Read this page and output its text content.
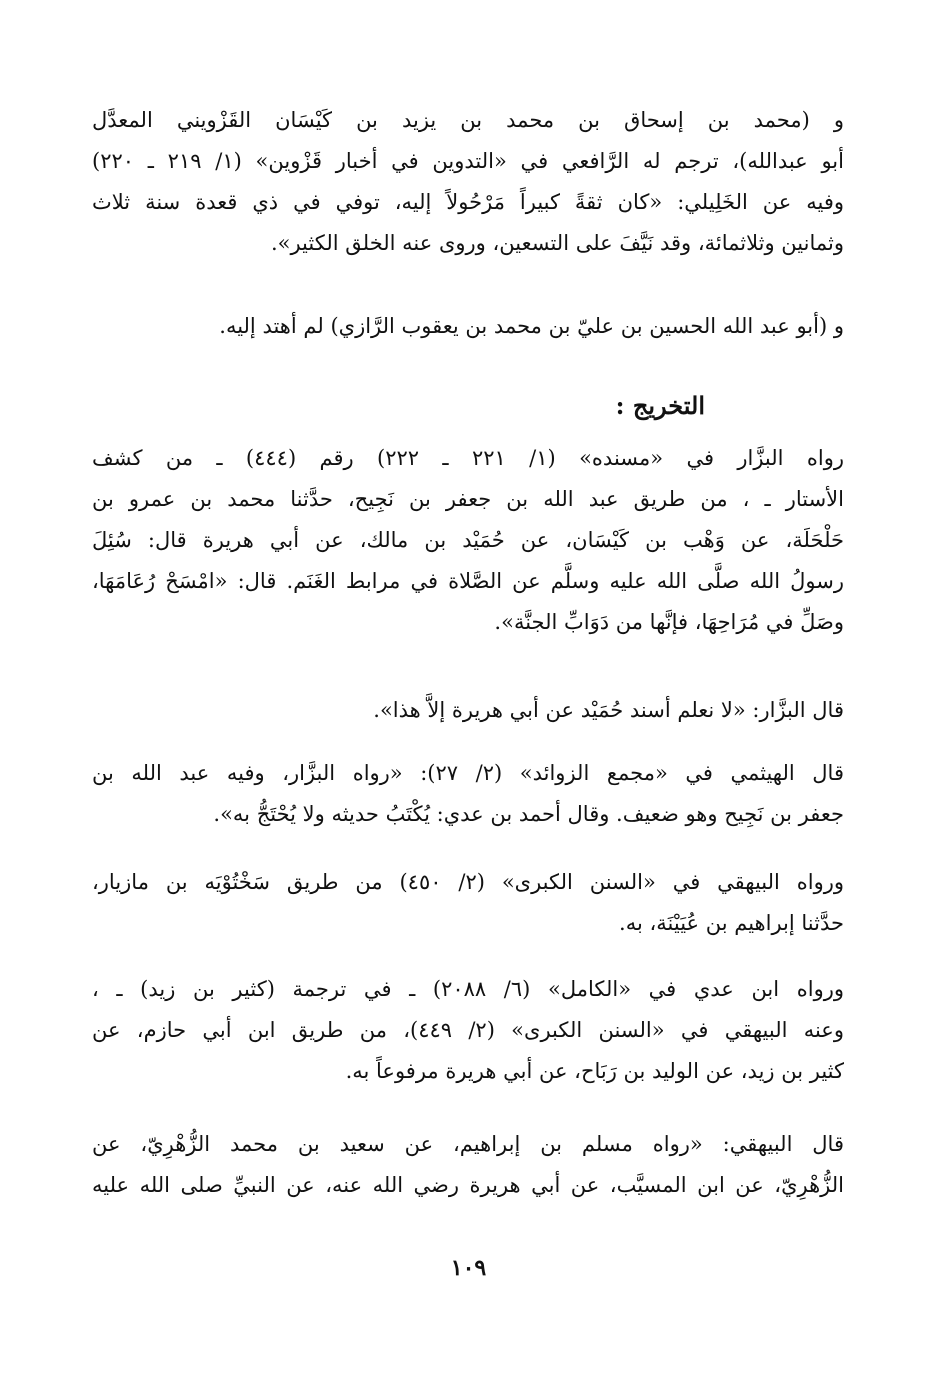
و (محمد بن إسحاق بن محمد بن يزيد بن كَيْسَان القَزْويني المعدَّل
أبو عبدالله)، ترجم له الرَّافعي في «التدوين في أخبار قَزْوين» (١/ ٢١٩ ـ ٢٢٠)
وفيه عن الخَلِيلي: «كان ثقةً كبيراً مَرْحُولاً إليه، توفي في ذي قعدة سنة ثلاث
وثمانين وثلاثمائة، وقد نَيَّفَ على التسعين، وروى عنه الخلق الكثير».
و (أبو عبد الله الحسين بن عليّ بن محمد بن يعقوب الرَّازي) لم أهتد إليه.
التخريج :
رواه البزَّار في «مسنده» (١/ ٢٢١ ـ ٢٢٢) رقم (٤٤٤) ـ من كشف
الأستار ـ ، من طريق عبد الله بن جعفر بن نَجِيح، حدَّثنا محمد بن عمرو بن
حَلْحَلَة، عن وَهْب بن كَيْسَان، عن حُمَيْد بن مالك، عن أبي هريرة قال: سُئِلَ
رسولُ الله صلَّى الله عليه وسلَّم عن الصَّلاة في مرابط الغَنَم. قال: «امْسَحْ رُعَامَهَا،
وصَلِّ في مُرَاحِهَا، فإنَّها من دَوَابِّ الجنَّة».
قال البزَّار: «لا نعلم أسند حُمَيْد عن أبي هريرة إلاَّ هذا».
قال الهيثمي في «مجمع الزوائد» (٢/ ٢٧): «رواه البزَّار، وفيه عبد الله بن
جعفر بن نَجِيح وهو ضعيف. وقال أحمد بن عدي: يُكْتَبُ حديثه ولا يُحْتَجُّ به».
ورواه البيهقي في «السنن الكبرى» (٢/ ٤٥٠) من طريق سَخْتُوْيَه بن مازيار،
حدَّثنا إبراهيم بن عُيَيْنَة، به.
ورواه ابن عدي في «الكامل» (٦/ ٢٠٨٨) ـ في ترجمة (كثير بن زيد) ـ ،
وعنه البيهقي في «السنن الكبرى» (٢/ ٤٤٩)، من طريق ابن أبي حازم، عن
كثير بن زيد، عن الوليد بن رَبَاح، عن أبي هريرة مرفوعاً به.
قال البيهقي: «رواه مسلم بن إبراهيم، عن سعيد بن محمد الزُّهْرِيّ، عن
الزُّهْرِيّ، عن ابن المسيَّب، عن أبي هريرة رضي الله عنه، عن النبيِّ صلى الله عليه
١٠٩
